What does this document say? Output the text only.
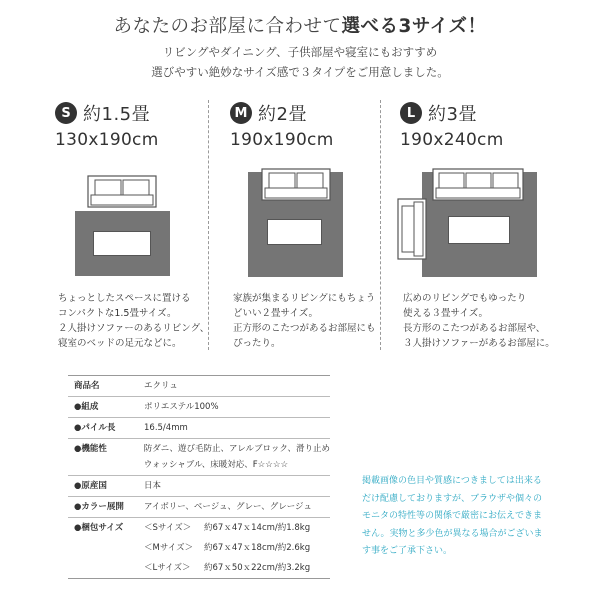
あなたのお部屋に合わせて選べる3サイズ！
リビングやダイニング、子供部屋や寝室にもおすすめ
選びやすい絶妙なサイズ感で３タイプをご用意しました。
S 約1.5畳
130x190cm
ちょっとしたスペースに置ける
コンパクトな1.5畳サイズ。
２人掛けソファーのあるリビング、
寝室のベッドの足元などに。
M 約2畳
190x190cm
家族が集まるリビングにもちょう
どいい２畳サイズ。
正方形のこたつがあるお部屋にも
ぴったり。
L 約3畳
190x240cm
広めのリビングでもゆったり
使える３畳サイズ。
長方形のこたつがあるお部屋や、
３人掛けソファーがあるお部屋に。
商品名	エクリュ
●組成	ポリエステル100%
●パイル長	16.5/4mm
●機能性	防ダニ、遊び毛防止、アレルブロック、滑り止め
ウォッシャブル、床暖対応、F☆☆☆☆
●原産国	日本
●カラー展開	アイボリー、ベージュ、グレー、グレージュ
●梱包サイズ	＜Sサイズ＞ 約67ｘ47ｘ14cm/約1.8kg
＜Mサイズ＞ 約67ｘ47ｘ18cm/約2.6kg
＜Lサイズ＞ 約67ｘ50ｘ22cm/約3.2kg
掲載画像の色目や質感につきましては出来る
だけ配慮しておりますが、ブラウザや個々の
モニタの特性等の関係で厳密にお伝えできま
せん。実物と多少色が異なる場合がございま
す事をご了承下さい。
